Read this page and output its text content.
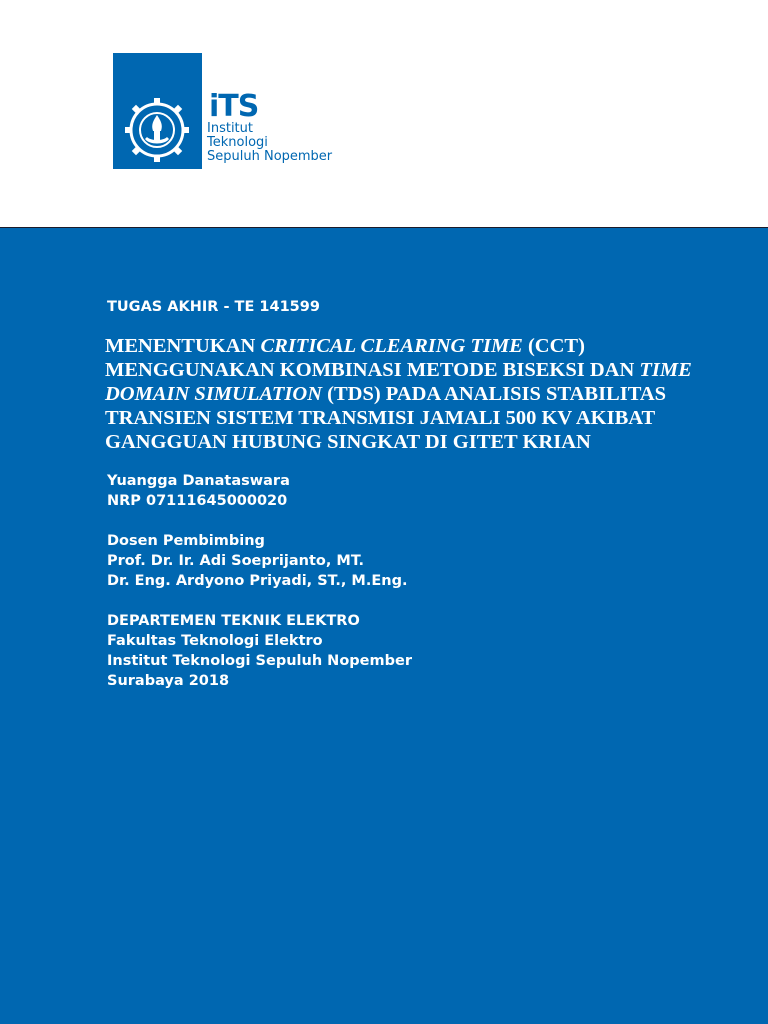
iTS
Institut
Teknologi
Sepuluh Nopember
TUGAS AKHIR - TE 141599
MENENTUKAN CRITICAL CLEARING TIME (CCT) MENGGUNAKAN KOMBINASI METODE BISEKSI DAN TIME DOMAIN SIMULATION (TDS) PADA ANALISIS STABILITAS TRANSIEN SISTEM TRANSMISI JAMALI 500 KV AKIBAT GANGGUAN HUBUNG SINGKAT DI GITET KRIAN
Yuangga Danataswara
NRP 07111645000020
Dosen Pembimbing
Prof. Dr. Ir. Adi Soeprijanto, MT.
Dr. Eng. Ardyono Priyadi, ST., M.Eng.
DEPARTEMEN TEKNIK ELEKTRO
Fakultas Teknologi Elektro
Institut Teknologi Sepuluh Nopember
Surabaya 2018
